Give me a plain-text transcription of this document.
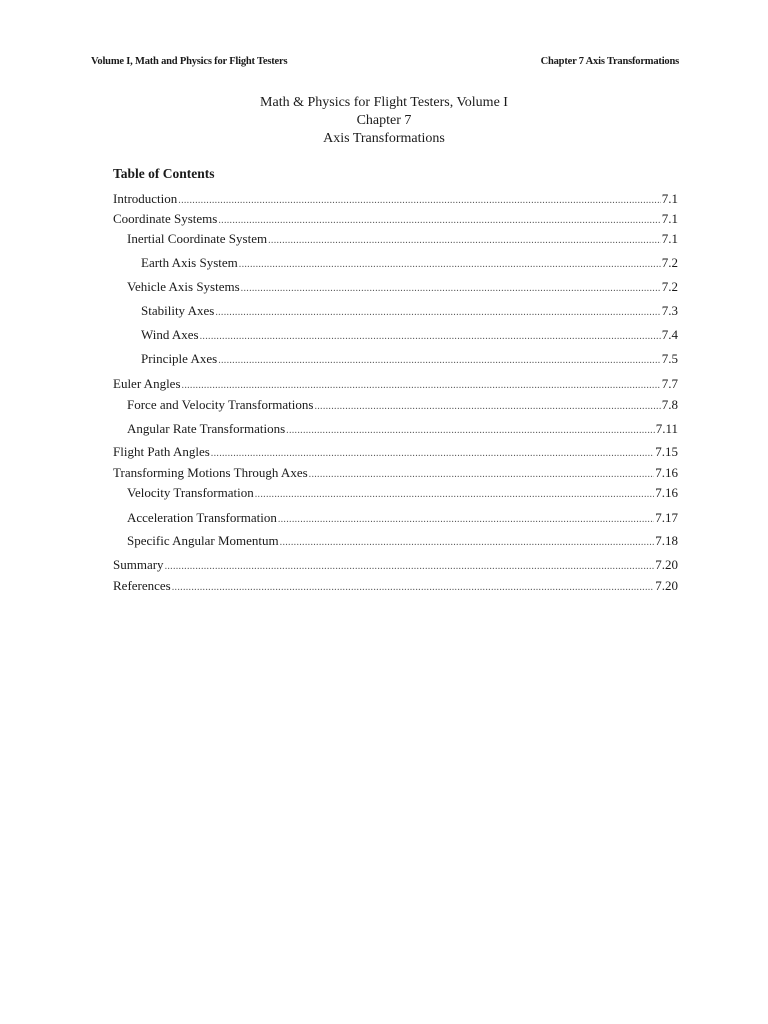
Volume I, Math and Physics for Flight Testers	Chapter 7 Axis Transformations
Math & Physics for Flight Testers, Volume I
Chapter 7
Axis Transformations
Table of Contents
Introduction .....	7.1
Coordinate Systems .....	7.1
Inertial Coordinate System .....	7.1
Earth Axis System .....	7.2
Vehicle Axis Systems .....	7.2
Stability Axes .....	7.3
Wind Axes .....	7.4
Principle Axes .....	7.5
Euler Angles .....	7.7
Force and Velocity Transformations .....	7.8
Angular Rate Transformations .....	7.11
Flight Path Angles .....	7.15
Transforming Motions Through Axes .....	7.16
Velocity Transformation .....	7.16
Acceleration Transformation .....	7.17
Specific Angular Momentum .....	7.18
Summary .....	7.20
References .....	7.20
